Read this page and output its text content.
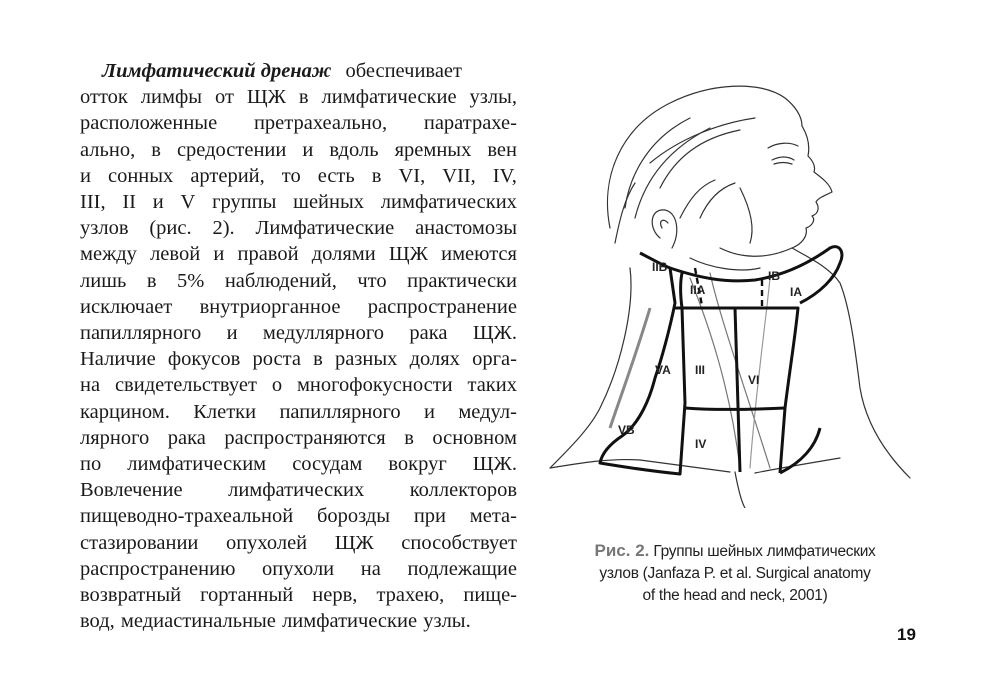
Лимфатический дренаж обеспечивает
отток лимфы от ЩЖ в лимфатические узлы,
расположенные претрахеально, паратрахе-
ально, в средостении и вдоль яремных вен
и сонных артерий, то есть в VI, VII, IV,
III, II и V группы шейных лимфатических
узлов (рис. 2). Лимфатические анастомозы
между левой и правой долями ЩЖ имеются
лишь в 5% наблюдений, что практически
исключает внутриорганное распространение
папиллярного и медуллярного рака ЩЖ.
Наличие фокусов роста в разных долях орга-
на свидетельствует о многофокусности таких
карцином. Клетки папиллярного и медул-
лярного рака распространяются в основном
по лимфатическим сосудам вокруг ЩЖ.
Вовлечение лимфатических коллекторов
пищеводно-трахеальной борозды при мета-
стазировании опухолей ЩЖ способствует
распространению опухоли на подлежащие
возвратный гортанный нерв, трахею, пище-
вод, медиастинальные лимфатические узлы.
IIB
IIA
IB
IA
VA III
VI
VB
IV
Рис. 2. Группы шейных лимфатических
узлов (Janfaza P. et al. Surgical anatomy
of the head and neck, 2001)
19
